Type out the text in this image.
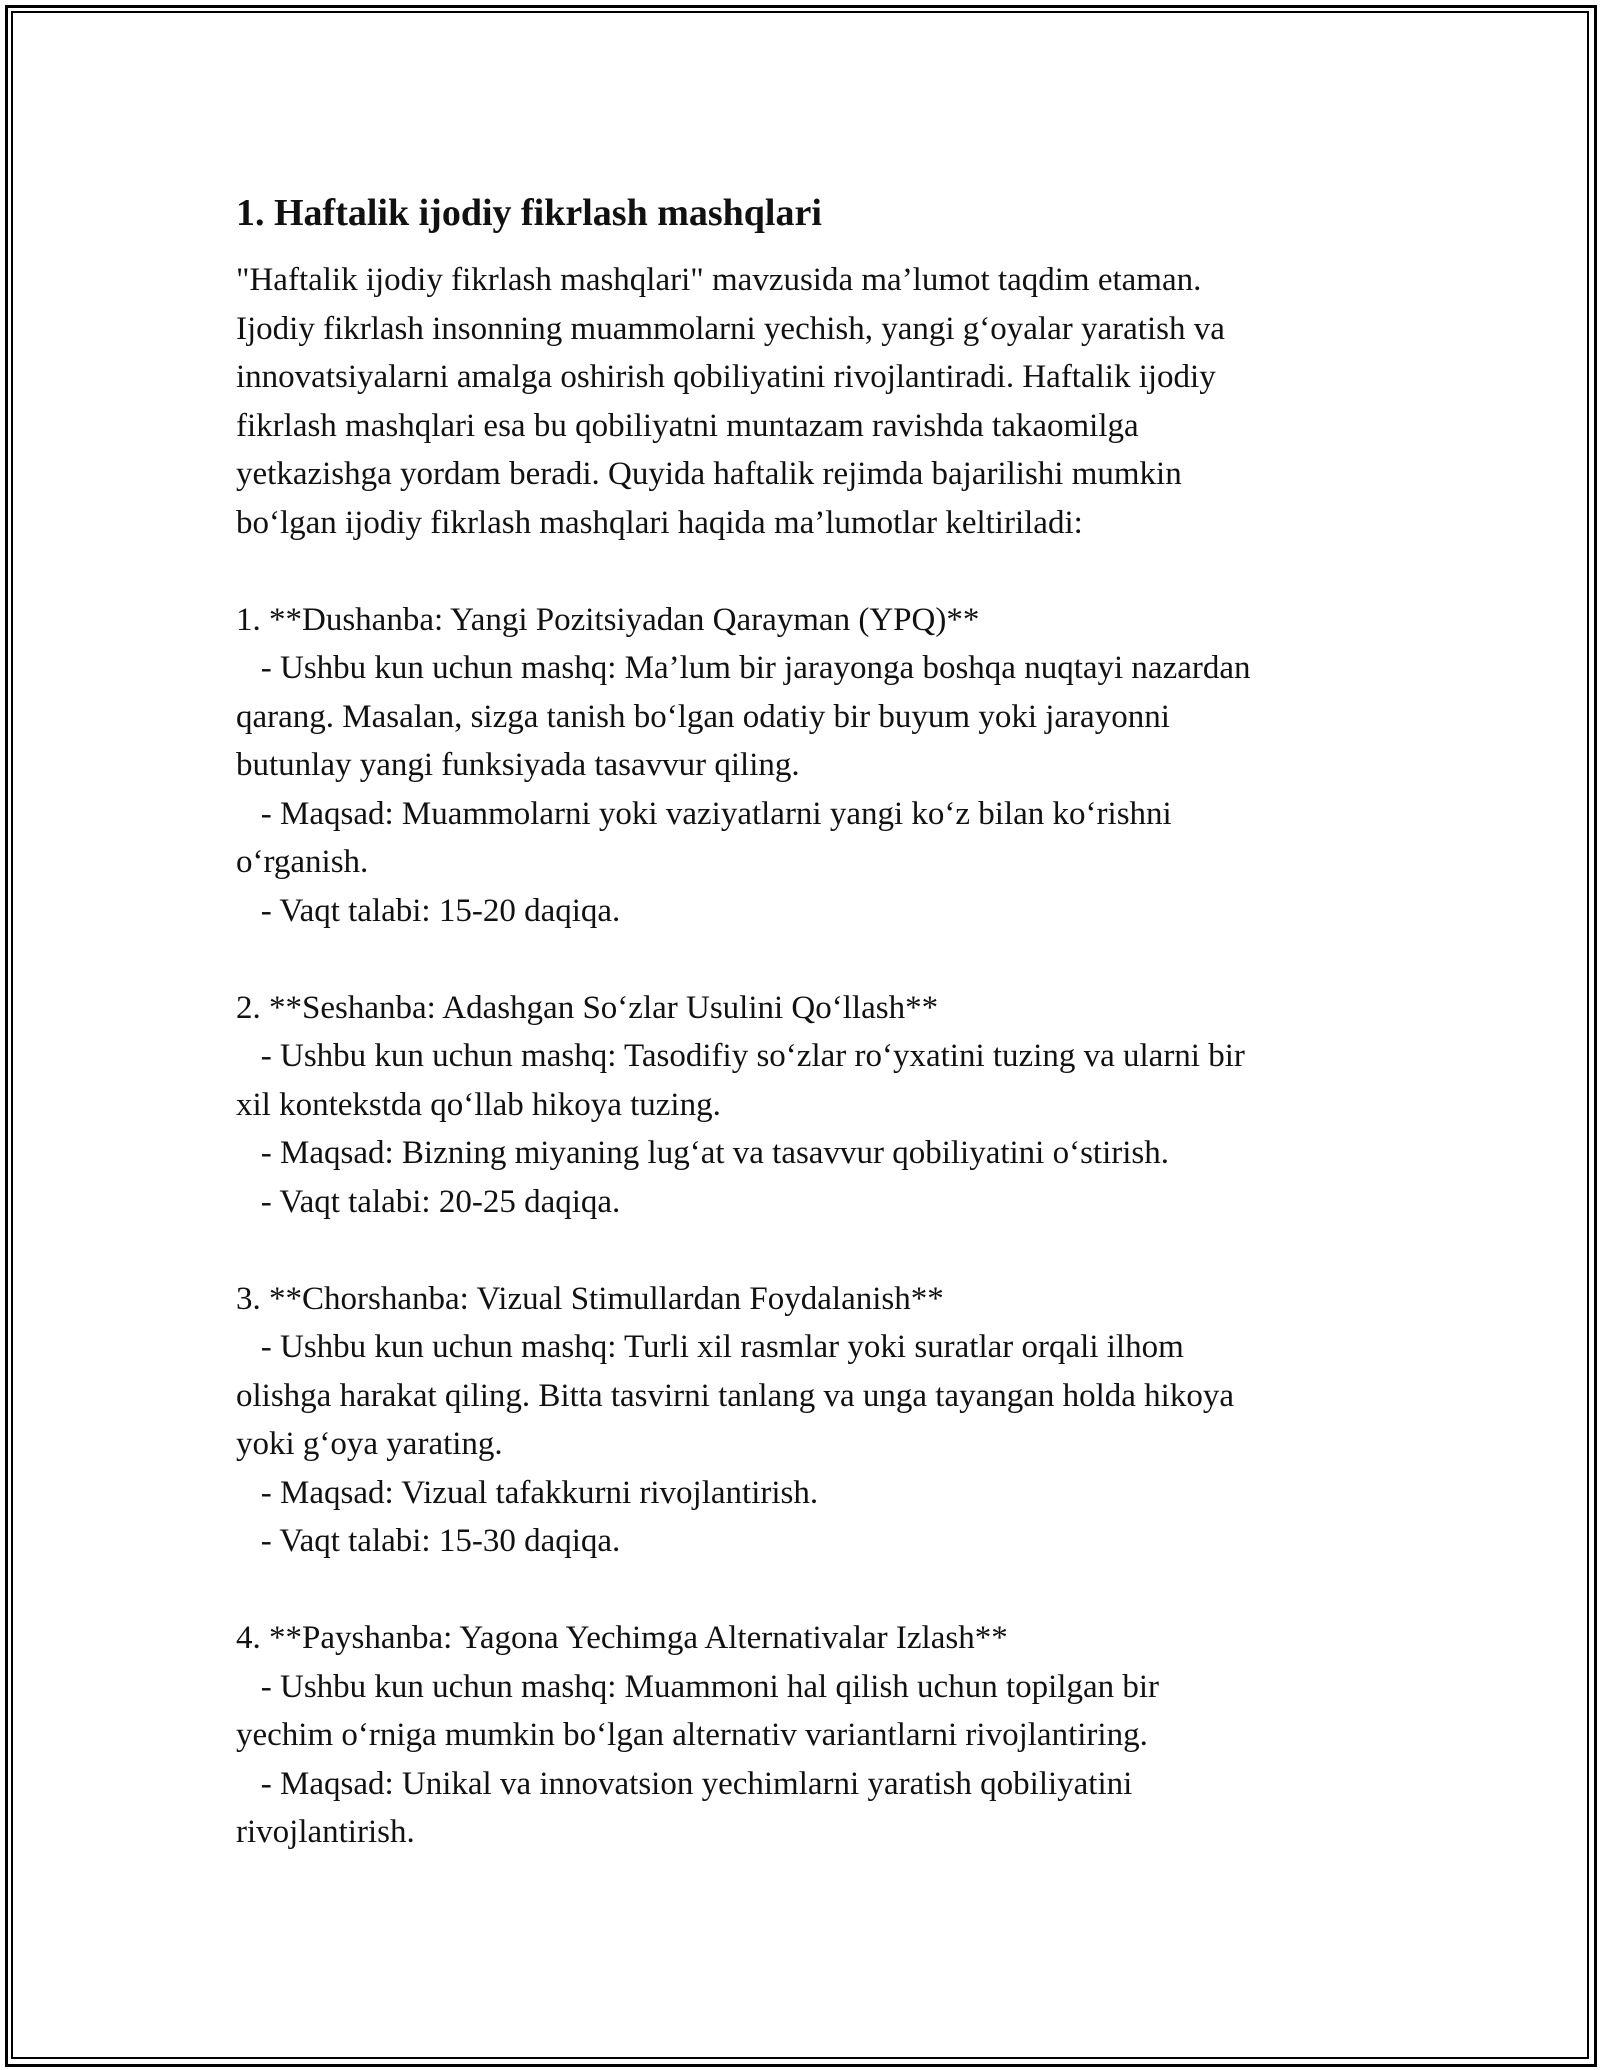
1. Haftalik ijodiy fikrlash mashqlari
"Haftalik ijodiy fikrlash mashqlari" mavzusida ma’lumot taqdim etaman.
Ijodiy fikrlash insonning muammolarni yechish, yangi g‘oyalar yaratish va
innovatsiyalarni amalga oshirish qobiliyatini rivojlantiradi. Haftalik ijodiy
fikrlash mashqlari esa bu qobiliyatni muntazam ravishda takaomilga
yetkazishga yordam beradi. Quyida haftalik rejimda bajarilishi mumkin
bo‘lgan ijodiy fikrlash mashqlari haqida ma’lumotlar keltiriladi:
1. **Dushanba: Yangi Pozitsiyadan Qarayman (YPQ)**
- Ushbu kun uchun mashq: Ma’lum bir jarayonga boshqa nuqtayi nazardan
qarang. Masalan, sizga tanish bo‘lgan odatiy bir buyum yoki jarayonni
butunlay yangi funksiyada tasavvur qiling.
- Maqsad: Muammolarni yoki vaziyatlarni yangi ko‘z bilan ko‘rishni
o‘rganish.
- Vaqt talabi: 15-20 daqiqa.
2. **Seshanba: Adashgan So‘zlar Usulini Qo‘llash**
- Ushbu kun uchun mashq: Tasodifiy so‘zlar ro‘yxatini tuzing va ularni bir
xil kontekstda qo‘llab hikoya tuzing.
- Maqsad: Bizning miyaning lug‘at va tasavvur qobiliyatini o‘stirish.
- Vaqt talabi: 20-25 daqiqa.
3. **Chorshanba: Vizual Stimullardan Foydalanish**
- Ushbu kun uchun mashq: Turli xil rasmlar yoki suratlar orqali ilhom
olishga harakat qiling. Bitta tasvirni tanlang va unga tayangan holda hikoya
yoki g‘oya yarating.
- Maqsad: Vizual tafakkurni rivojlantirish.
- Vaqt talabi: 15-30 daqiqa.
4. **Payshanba: Yagona Yechimga Alternativalar Izlash**
- Ushbu kun uchun mashq: Muammoni hal qilish uchun topilgan bir
yechim o‘rniga mumkin bo‘lgan alternativ variantlarni rivojlantiring.
- Maqsad: Unikal va innovatsion yechimlarni yaratish qobiliyatini
rivojlantirish.
